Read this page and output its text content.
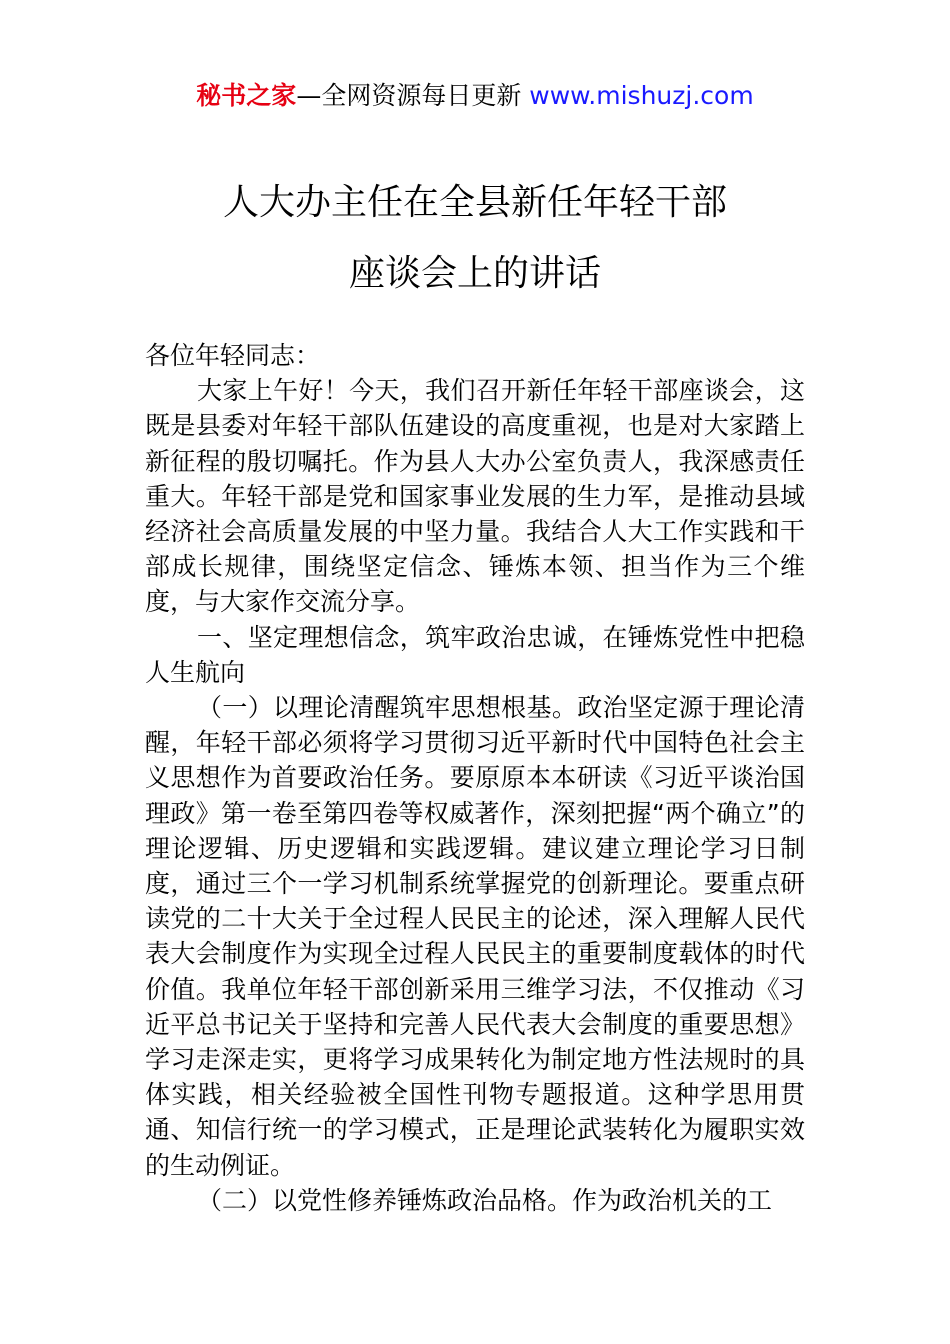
秘书之家—全网资源每日更新 www.mishuzj.com
人大办主任在全县新任年轻干部
座谈会上的讲话

各位年轻同志：

大家上午好！今天，我们召开新任年轻干部座谈会，这既是县委对年轻干部队伍建设的高度重视，也是对大家踏上新征程的殷切嘱托。作为县人大办公室负责人，我深感责任重大。年轻干部是党和国家事业发展的生力军，是推动县域经济社会高质量发展的中坚力量。我结合人大工作实践和干部成长规律，围绕坚定信念、锤炼本领、担当作为三个维度，与大家作交流分享。

一、坚定理想信念，筑牢政治忠诚，在锤炼党性中把稳人生航向

（一）以理论清醒筑牢思想根基。政治坚定源于理论清醒，年轻干部必须将学习贯彻习近平新时代中国特色社会主义思想作为首要政治任务。要原原本本研读《习近平谈治国理政》第一卷至第四卷等权威著作，深刻把握“两个确立”的理论逻辑、历史逻辑和实践逻辑。建议建立理论学习日制度，通过三个一学习机制系统掌握党的创新理论。要重点研读党的二十大关于全过程人民民主的论述，深入理解人民代表大会制度作为实现全过程人民民主的重要制度载体的时代价值。我单位年轻干部创新采用三维学习法，不仅推动《习近平总书记关于坚持和完善人民代表大会制度的重要思想》学习走深走实，更将学习成果转化为制定地方性法规时的具体实践，相关经验被全国性刊物专题报道。这种学思用贯通、知信行统一的学习模式，正是理论武装转化为履职实效的生动例证。

（二）以党性修养锤炼政治品格。作为政治机关的工
